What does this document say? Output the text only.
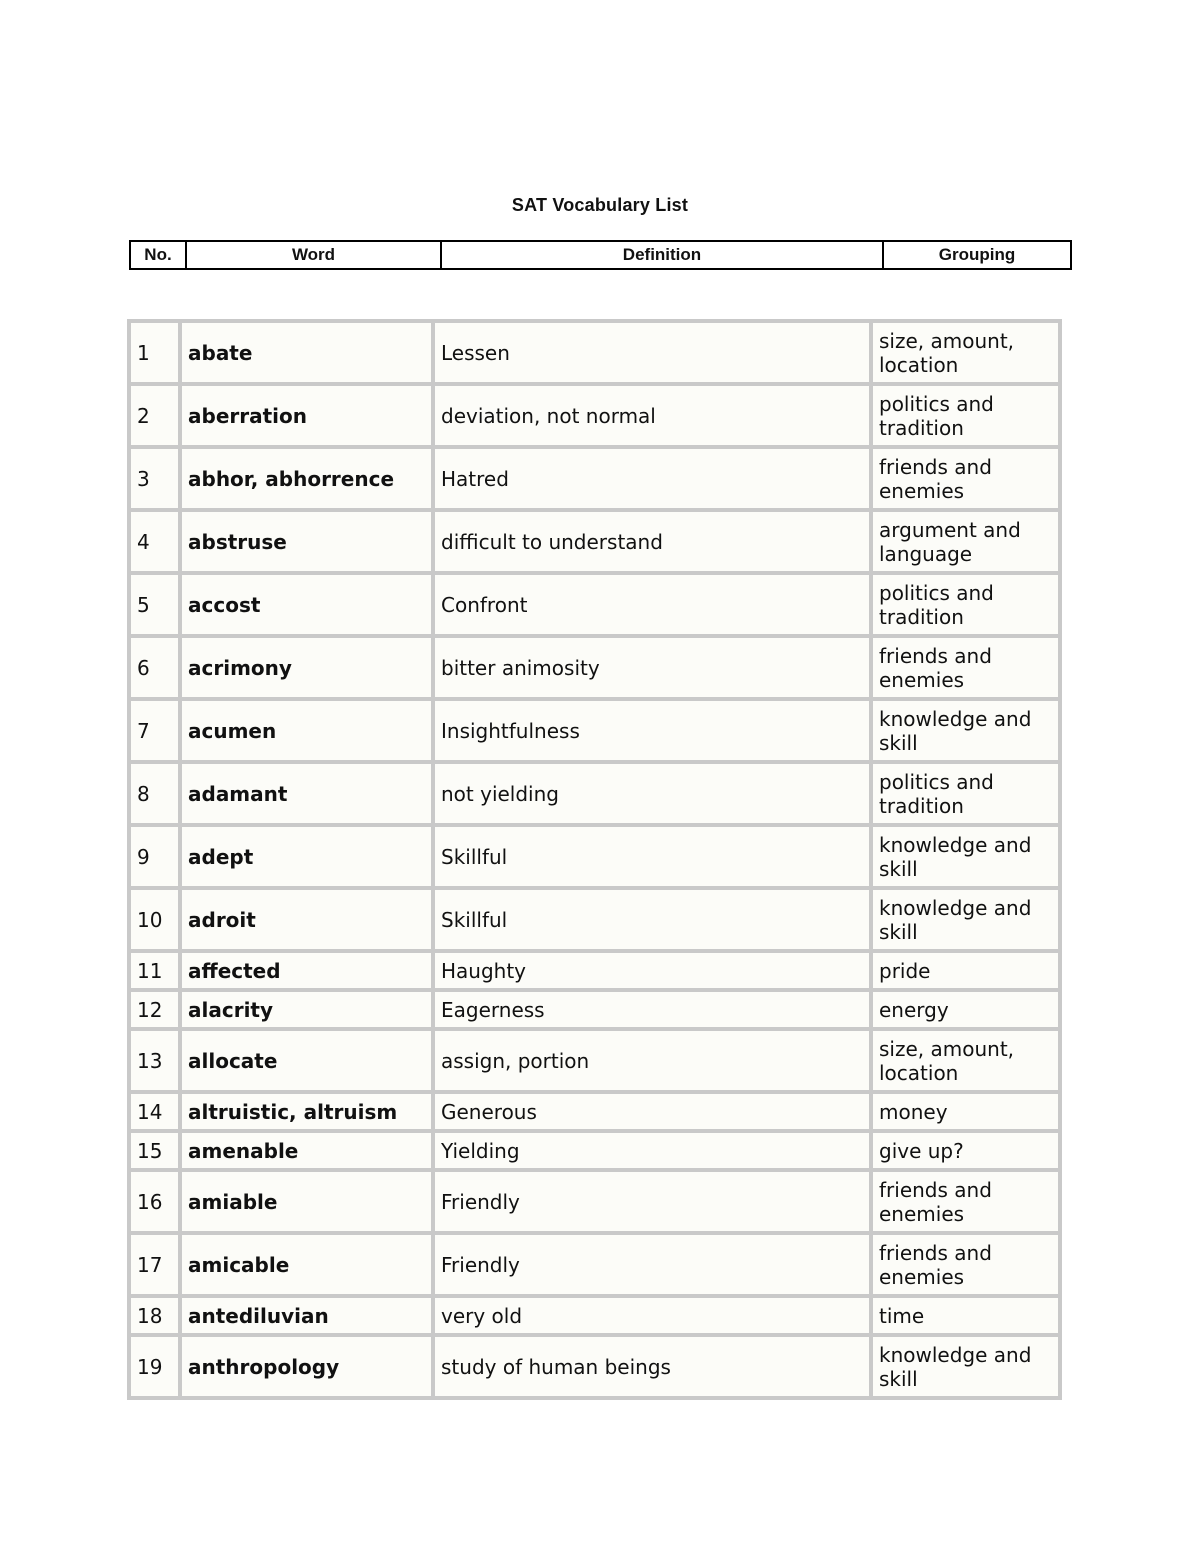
SAT Vocabulary List
No.	Word	Definition	Grouping
1	abate	Lessen	size, amount, location
2	aberration	deviation, not normal	politics and tradition
3	abhor, abhorrence	Hatred	friends and enemies
4	abstruse	difficult to understand	argument and language
5	accost	Confront	politics and tradition
6	acrimony	bitter animosity	friends and enemies
7	acumen	Insightfulness	knowledge and skill
8	adamant	not yielding	politics and tradition
9	adept	Skillful	knowledge and skill
10	adroit	Skillful	knowledge and skill
11	affected	Haughty	pride
12	alacrity	Eagerness	energy
13	allocate	assign, portion	size, amount, location
14	altruistic, altruism	Generous	money
15	amenable	Yielding	give up?
16	amiable	Friendly	friends and enemies
17	amicable	Friendly	friends and enemies
18	antediluvian	very old	time
19	anthropology	study of human beings	knowledge and skill
